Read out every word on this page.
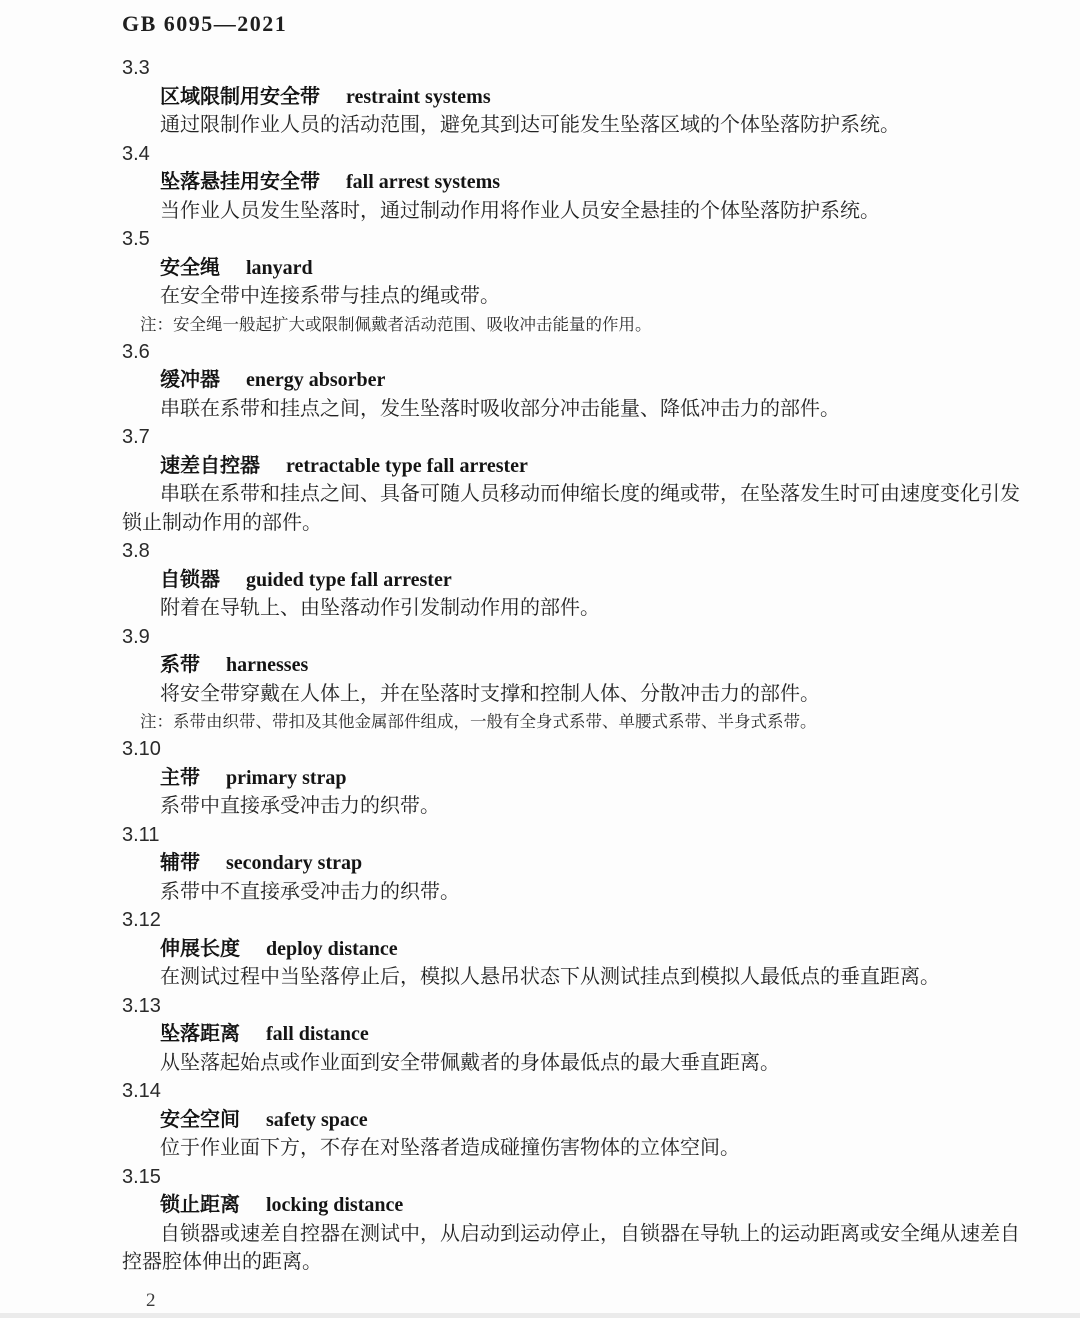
GB 6095—2021
3.3
区域限制用安全带 restraint systems
通过限制作业人员的活动范围，避免其到达可能发生坠落区域的个体坠落防护系统。
3.4
坠落悬挂用安全带 fall arrest systems
当作业人员发生坠落时，通过制动作用将作业人员安全悬挂的个体坠落防护系统。
3.5
安全绳 lanyard
在安全带中连接系带与挂点的绳或带。
注：安全绳一般起扩大或限制佩戴者活动范围、吸收冲击能量的作用。
3.6
缓冲器 energy absorber
串联在系带和挂点之间，发生坠落时吸收部分冲击能量、降低冲击力的部件。
3.7
速差自控器 retractable type fall arrester
串联在系带和挂点之间、具备可随人员移动而伸缩长度的绳或带，在坠落发生时可由速度变化引发
锁止制动作用的部件。
3.8
自锁器 guided type fall arrester
附着在导轨上、由坠落动作引发制动作用的部件。
3.9
系带 harnesses
将安全带穿戴在人体上，并在坠落时支撑和控制人体、分散冲击力的部件。
注：系带由织带、带扣及其他金属部件组成，一般有全身式系带、单腰式系带、半身式系带。
3.10
主带 primary strap
系带中直接承受冲击力的织带。
3.11
辅带 secondary strap
系带中不直接承受冲击力的织带。
3.12
伸展长度 deploy distance
在测试过程中当坠落停止后，模拟人悬吊状态下从测试挂点到模拟人最低点的垂直距离。
3.13
坠落距离 fall distance
从坠落起始点或作业面到安全带佩戴者的身体最低点的最大垂直距离。
3.14
安全空间 safety space
位于作业面下方，不存在对坠落者造成碰撞伤害物体的立体空间。
3.15
锁止距离 locking distance
自锁器或速差自控器在测试中，从启动到运动停止，自锁器在导轨上的运动距离或安全绳从速差自
控器腔体伸出的距离。
2
